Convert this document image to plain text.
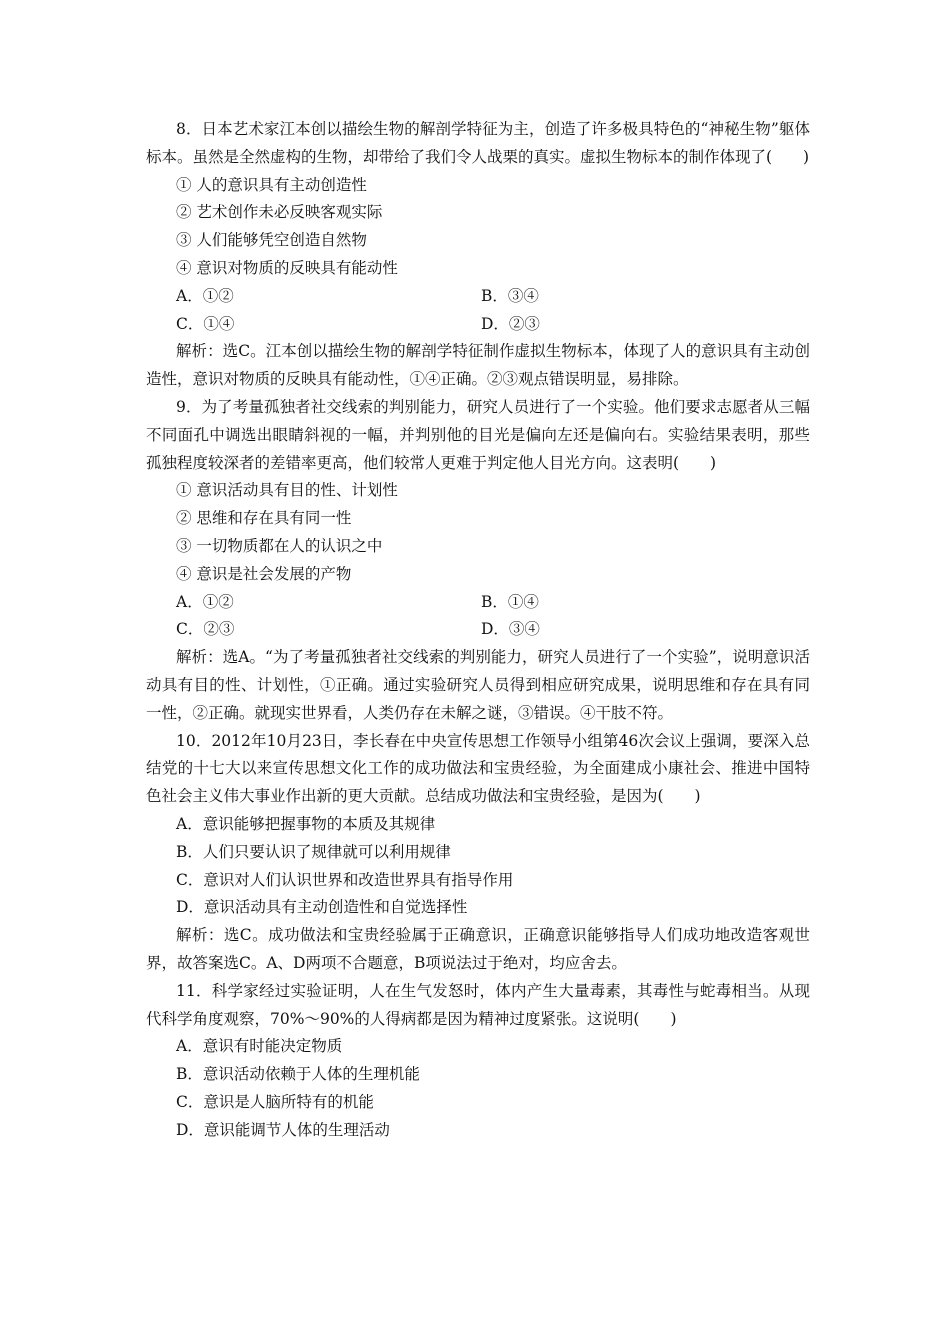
8．日本艺术家江本创以描绘生物的解剖学特征为主，创造了许多极具特色的“神秘生物”躯体标本。虽然是全然虚构的生物，却带给了我们令人战栗的真实。虚拟生物标本的制作体现了(　　)

① 人的意识具有主动创造性

② 艺术创作未必反映客观实际

③ 人们能够凭空创造自然物

④ 意识对物质的反映具有能动性

A．①②	B．③④
C．①④	D．②③

解析：选C。江本创以描绘生物的解剖学特征制作虚拟生物标本，体现了人的意识具有主动创造性，意识对物质的反映具有能动性，①④正确。②③观点错误明显，易排除。

9．为了考量孤独者社交线索的判别能力，研究人员进行了一个实验。他们要求志愿者从三幅不同面孔中调选出眼睛斜视的一幅，并判别他的目光是偏向左还是偏向右。实验结果表明，那些孤独程度较深者的差错率更高，他们较常人更难于判定他人目光方向。这表明(　　)

① 意识活动具有目的性、计划性

② 思维和存在具有同一性

③ 一切物质都在人的认识之中

④ 意识是社会发展的产物

A．①②	B．①④
C．②③	D．③④

解析：选A。“为了考量孤独者社交线索的判别能力，研究人员进行了一个实验”，说明意识活动具有目的性、计划性，①正确。通过实验研究人员得到相应研究成果，说明思维和存在具有同一性，②正确。就现实世界看，人类仍存在未解之谜，③错误。④干肢不符。

10．2012年10月23日，李长春在中央宣传思想工作领导小组第46次会议上强调，要深入总结党的十七大以来宣传思想文化工作的成功做法和宝贵经验，为全面建成小康社会、推进中国特色社会主义伟大事业作出新的更大贡献。总结成功做法和宝贵经验，是因为(　　)

A．意识能够把握事物的本质及其规律

B．人们只要认识了规律就可以利用规律

C．意识对人们认识世界和改造世界具有指导作用

D．意识活动具有主动创造性和自觉选择性

解析：选C。成功做法和宝贵经验属于正确意识，正确意识能够指导人们成功地改造客观世界，故答案选C。A、D两项不合题意，B项说法过于绝对，均应舍去。

11．科学家经过实验证明，人在生气发怒时，体内产生大量毒素，其毒性与蛇毒相当。从现代科学角度观察，70%～90%的人得病都是因为精神过度紧张。这说明(　　)

A．意识有时能决定物质

B．意识活动依赖于人体的生理机能

C．意识是人脑所特有的机能

D．意识能调节人体的生理活动
